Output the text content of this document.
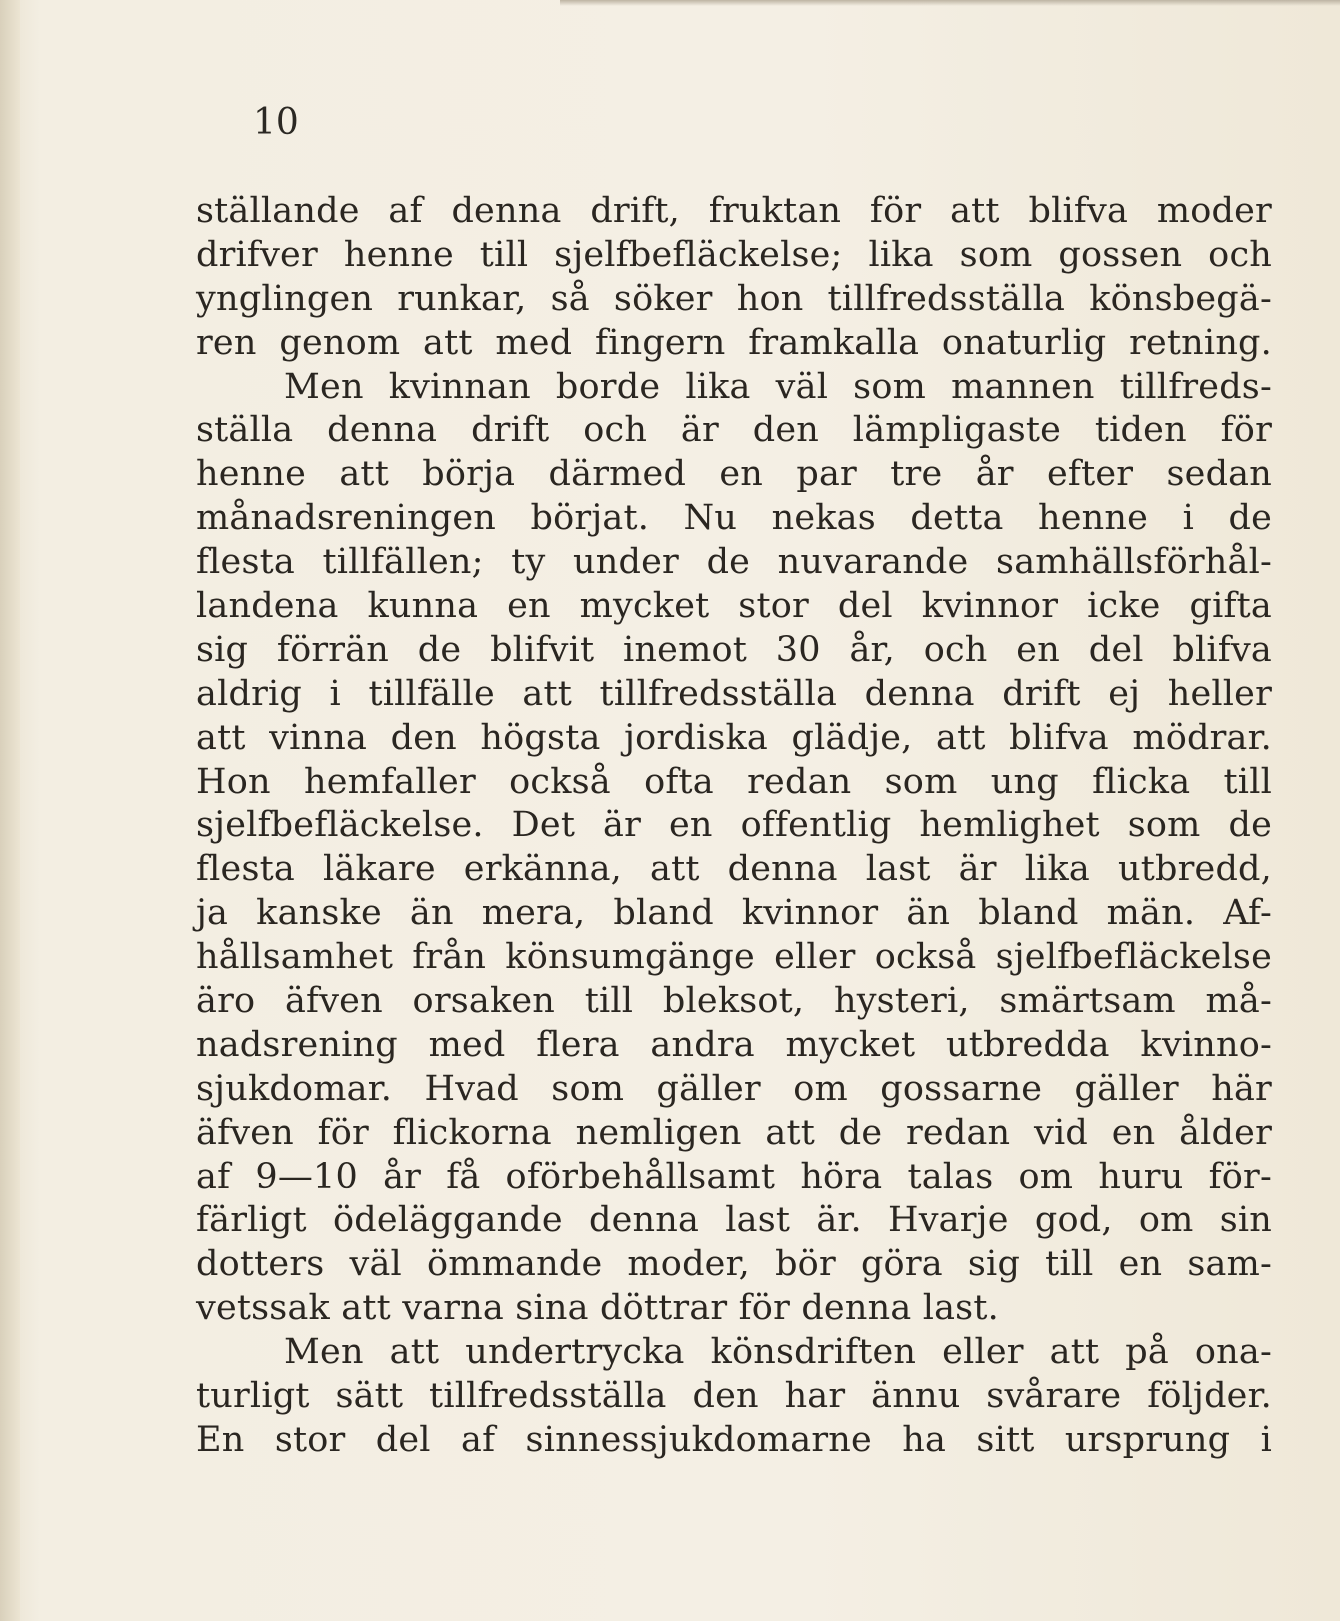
10
ställande af denna drift, fruktan för att blifva moder
drifver henne till sjelfbefläckelse; lika som gossen och
ynglingen runkar, så söker hon tillfredsställa könsbegä-
ren genom att med fingern framkalla onaturlig retning.
Men kvinnan borde lika väl som mannen tillfreds-
ställa denna drift och är den lämpligaste tiden för
henne att börja därmed en par tre år efter sedan
månadsreningen börjat. Nu nekas detta henne i de
flesta tillfällen; ty under de nuvarande samhällsförhål-
landena kunna en mycket stor del kvinnor icke gifta
sig förrän de blifvit inemot 30 år, och en del blifva
aldrig i tillfälle att tillfredsställa denna drift ej heller
att vinna den högsta jordiska glädje, att blifva mödrar.
Hon hemfaller också ofta redan som ung flicka till
sjelfbefläckelse. Det är en offentlig hemlighet som de
flesta läkare erkänna, att denna last är lika utbredd,
ja kanske än mera, bland kvinnor än bland män. Af-
hållsamhet från könsumgänge eller också sjelfbefläckelse
äro äfven orsaken till bleksot, hysteri, smärtsam må-
nadsrening med flera andra mycket utbredda kvinno-
sjukdomar. Hvad som gäller om gossarne gäller här
äfven för flickorna nemligen att de redan vid en ålder
af 9—10 år få oförbehållsamt höra talas om huru för-
färligt ödeläggande denna last är. Hvarje god, om sin
dotters väl ömmande moder, bör göra sig till en sam-
vetssak att varna sina döttrar för denna last.
Men att undertrycka könsdriften eller att på ona-
turligt sätt tillfredsställa den har ännu svårare följder.
En stor del af sinnessjukdomarne ha sitt ursprung i
